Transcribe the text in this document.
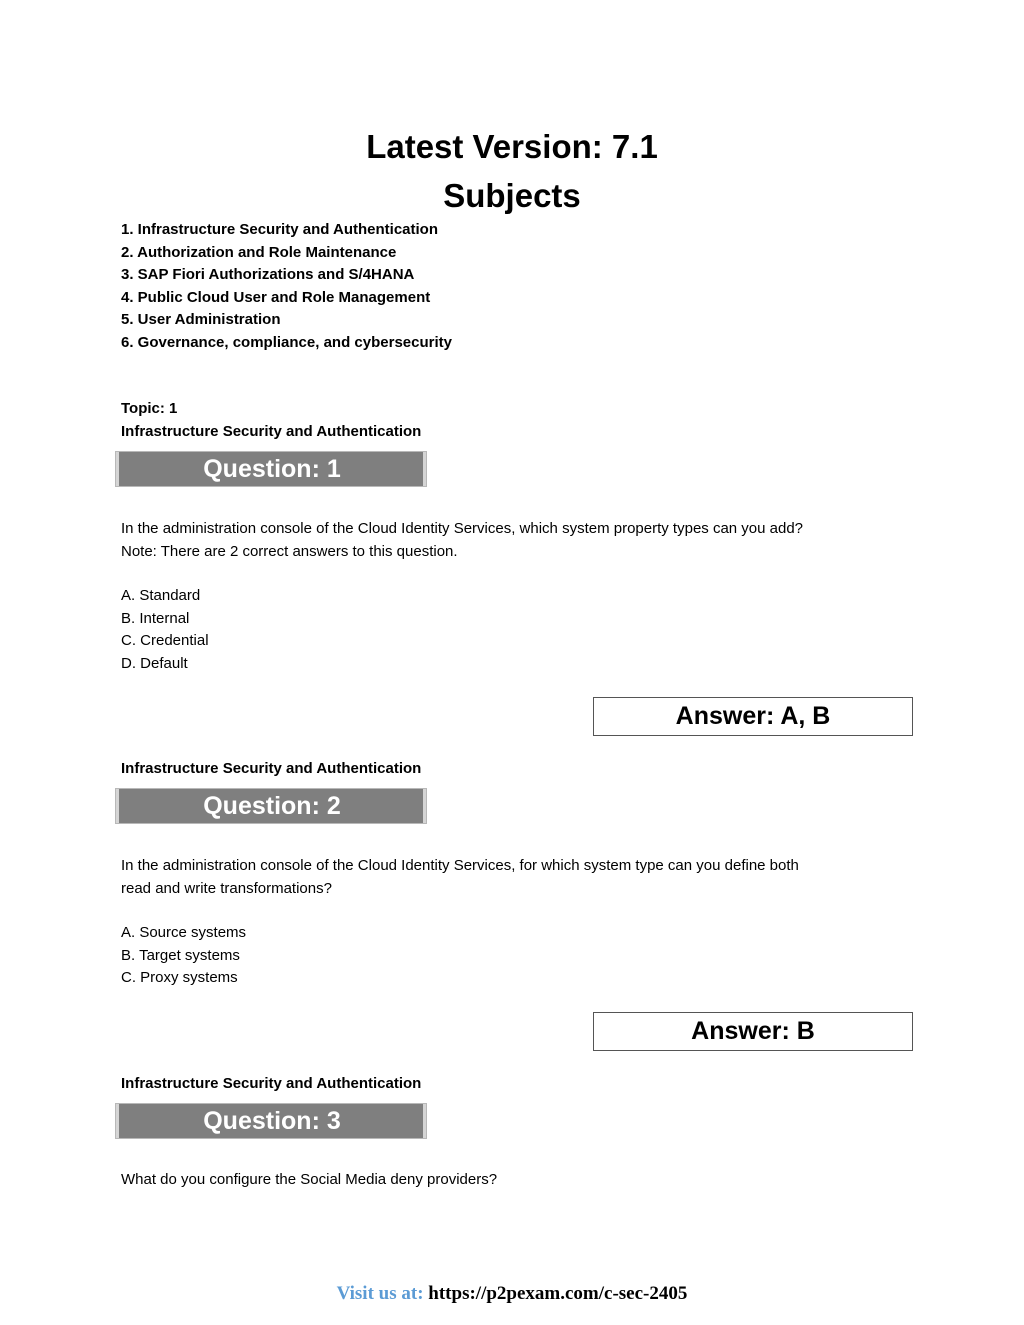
Latest Version: 7.1
Subjects
1. Infrastructure Security and Authentication
2. Authorization and Role Maintenance
3. SAP Fiori Authorizations and S/4HANA
4. Public Cloud User and Role Management
5. User Administration
6. Governance, compliance, and cybersecurity
Topic: 1
Infrastructure Security and Authentication
Question: 1
In the administration console of the Cloud Identity Services, which system property types can you add?
Note: There are 2 correct answers to this question.
A. Standard
B. Internal
C. Credential
D. Default
Answer: A, B
Infrastructure Security and Authentication
Question: 2
In the administration console of the Cloud Identity Services, for which system type can you define both
read and write transformations?
A. Source systems
B. Target systems
C. Proxy systems
Answer: B
Infrastructure Security and Authentication
Question: 3
What do you configure the Social Media deny providers?
Visit us at: https://p2pexam.com/c-sec-2405
